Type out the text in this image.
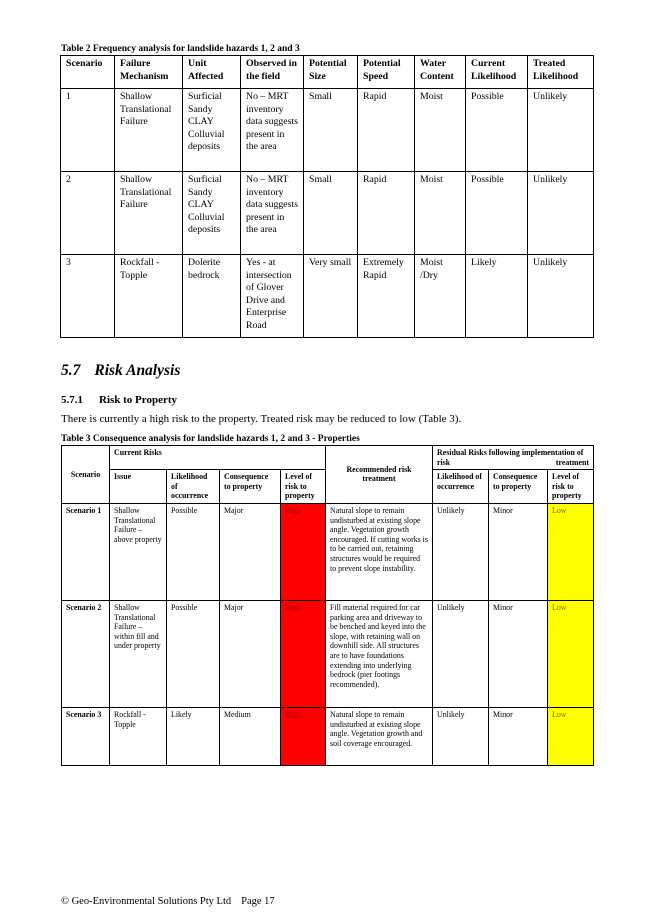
Table 2 Frequency analysis for landslide hazards 1, 2 and 3
Scenario	Failure Mechanism	Unit Affected	Observed in the field	Potential Size	Potential Speed	Water Content	Current Likelihood	Treated Likelihood
1	Shallow Translational Failure	Surficial Sandy CLAY Colluvial deposits	No – MRT inventory data suggests present in the area	Small	Rapid	Moist	Possible	Unlikely
2	Shallow Translational Failure	Surficial Sandy CLAY Colluvial deposits	No – MRT inventory data suggests present in the area	Small	Rapid	Moist	Possible	Unlikely
3	Rockfall - Topple	Dolerite bedrock	Yes - at intersection of Glover Drive and Enterprise Road	Very small	Extremely Rapid	Moist /Dry	Likely	Unlikely
5.7 Risk Analysis
5.7.1 Risk to Property
There is currently a high risk to the property. Treated risk may be reduced to low (Table 3).
Table 3 Consequence analysis for landslide hazards 1, 2 and 3 - Properties
Scenario	Current Risks				Recommended risk treatment	Residual Risks following implementation of risk treatment		
	Issue	Likelihood of occurrence	Consequence to property	Level of risk to property		Likelihood of occurrence	Consequence to property	Level of risk to property
Scenario 1	Shallow Translational Failure – above property	Possible	Major	High	Natural slope to remain undisturbed at existing slope angle. Vegetation growth encouraged. If cutting works is to be carried out, retaining structures would be required to prevent slope instability.	Unlikely	Minor	Low
Scenario 2	Shallow Translational Failure – within fill and under property	Possible	Major	High	Fill material required for car parking area and driveway to be benched and keyed into the slope, with retaining wall on downhill side. All structures are to have foundations extending into underlying bedrock (pier footings recommended).	Unlikely	Minor	Low
Scenario 3	Rockfall - Topple	Likely	Medium	High	Natural slope to remain undisturbed at existing slope angle. Vegetation growth and soil coverage encouraged.	Unlikely	Minor	Low
© Geo-Environmental Solutions Pty Ltd Page 17
